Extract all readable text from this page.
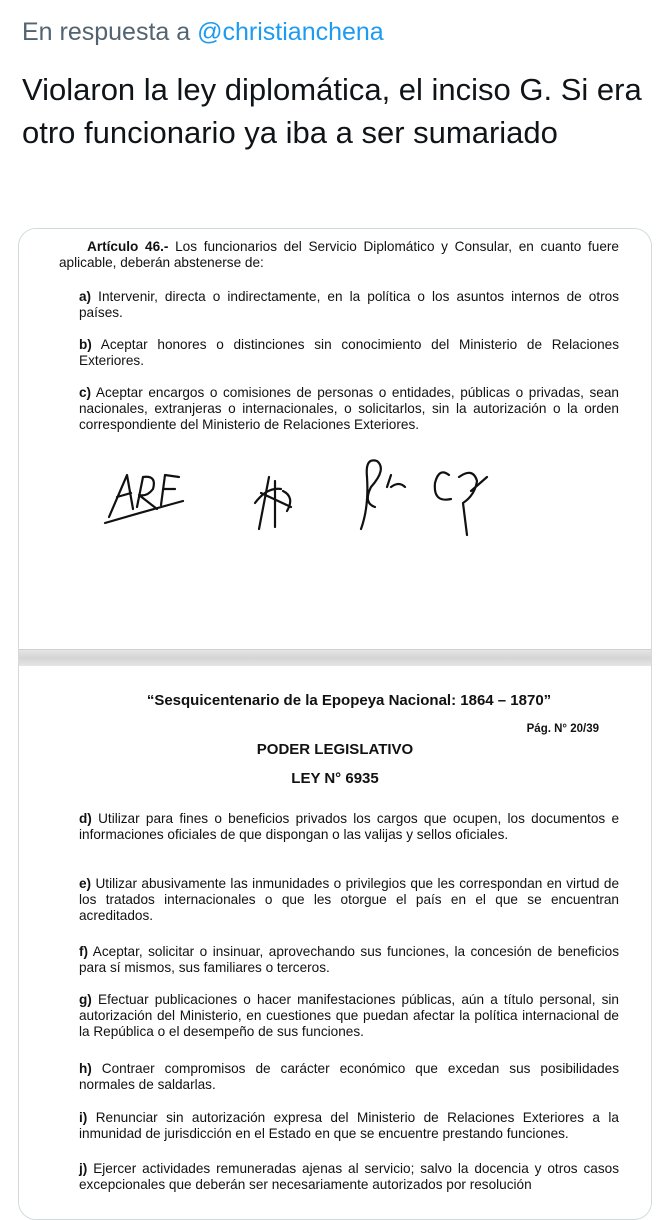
En respuesta a @christianchena
Violaron la ley diplomática, el inciso G. Si era otro funcionario ya iba a ser sumariado
Artículo 46.- Los funcionarios del Servicio Diplomático y Consular, en cuanto fuere aplicable, deberán abstenerse de:
a) Intervenir, directa o indirectamente, en la política o los asuntos internos de otros países.
b) Aceptar honores o distinciones sin conocimiento del Ministerio de Relaciones Exteriores.
c) Aceptar encargos o comisiones de personas o entidades, públicas o privadas, sean nacionales, extranjeras o internacionales, o solicitarlos, sin la autorización o la orden correspondiente del Ministerio de Relaciones Exteriores.
“Sesquicentenario de la Epopeya Nacional: 1864 – 1870”
Pág. N° 20/39
PODER LEGISLATIVO
LEY N° 6935
d) Utilizar para fines o beneficios privados los cargos que ocupen, los documentos e informaciones oficiales de que dispongan o las valijas y sellos oficiales.
e) Utilizar abusivamente las inmunidades o privilegios que les correspondan en virtud de los tratados internacionales o que les otorgue el país en el que se encuentran acreditados.
f) Aceptar, solicitar o insinuar, aprovechando sus funciones, la concesión de beneficios para sí mismos, sus familiares o terceros.
g) Efectuar publicaciones o hacer manifestaciones públicas, aún a título personal, sin autorización del Ministerio, en cuestiones que puedan afectar la política internacional de la República o el desempeño de sus funciones.
h) Contraer compromisos de carácter económico que excedan sus posibilidades normales de saldarlas.
i) Renunciar sin autorización expresa del Ministerio de Relaciones Exteriores a la inmunidad de jurisdicción en el Estado en que se encuentre prestando funciones.
j) Ejercer actividades remuneradas ajenas al servicio; salvo la docencia y otros casos excepcionales que deberán ser necesariamente autorizados por resolución
